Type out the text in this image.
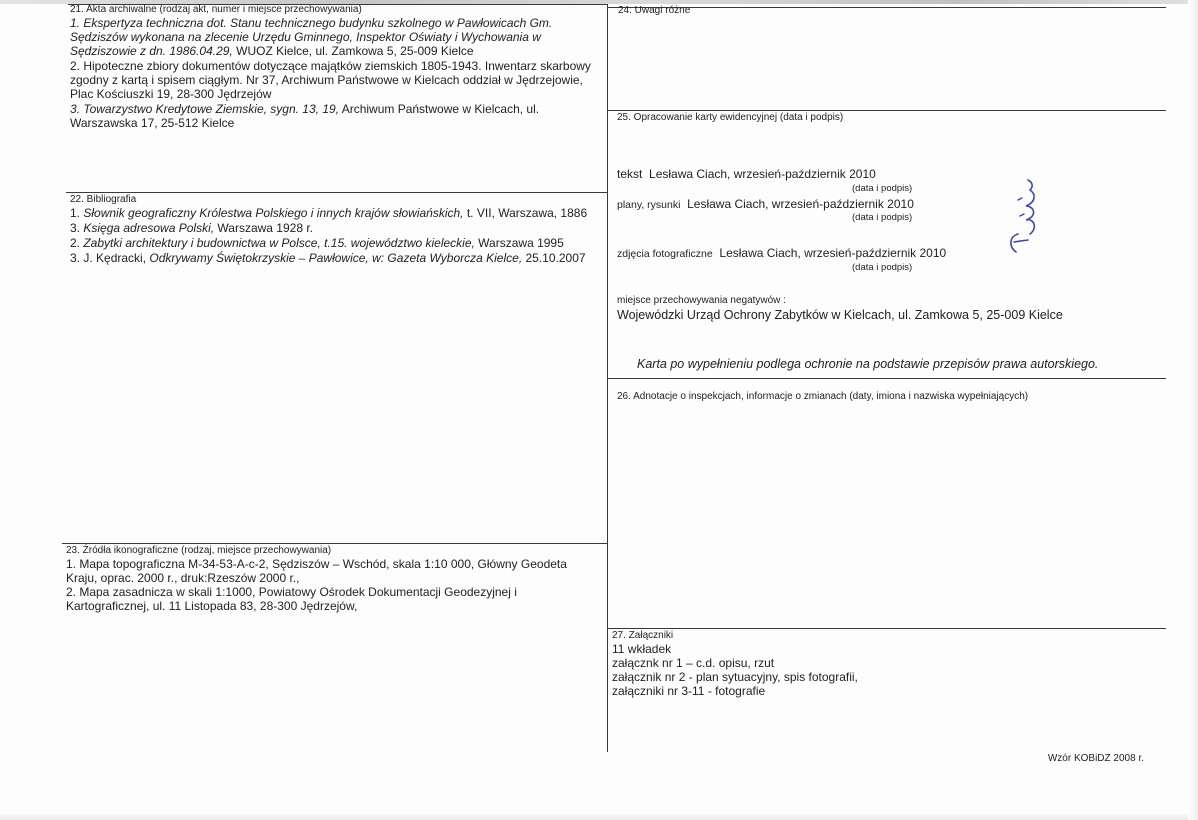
21. Akta archiwalne (rodzaj akt, numer i miejsce przechowywania)
1. Ekspertyza techniczna dot. Stanu technicznego budynku szkolnego w Pawłowicach Gm. Sędziszów wykonana na zlecenie Urzędu Gminnego, Inspektor Oświaty i Wychowania w Sędziszowie z dn. 1986.04.29, WUOZ Kielce, ul. Zamkowa 5, 25-009 Kielce
2. Hipoteczne zbiory dokumentów dotyczące majątków ziemskich 1805-1943. Inwentarz skarbowy zgodny z kartą i spisem ciągłym. Nr 37, Archiwum Państwowe w Kielcach oddział w Jędrzejowie, Plac Kościuszki 19, 28-300 Jędrzejów
3. Towarzystwo Kredytowe Ziemskie, sygn. 13, 19, Archiwum Państwowe w Kielcach, ul. Warszawska 17, 25-512 Kielce
22. Bibliografia
1. Słownik geograficzny Królestwa Polskiego i innych krajów słowiańskich, t. VII, Warszawa, 1886
3. Księga adresowa Polski, Warszawa 1928 r.
2. Zabytki architektury i budownictwa w Polsce, t.15. województwo kieleckie, Warszawa 1995
3. J. Kędracki, Odkrywamy Świętokrzyskie – Pawłowice, w: Gazeta Wyborcza Kielce, 25.10.2007
23. Źródła ikonograficzne (rodzaj, miejsce przechowywania)
1. Mapa topograficzna M-34-53-A-c-2, Sędziszów – Wschód, skala 1:10 000, Główny Geodeta Kraju, oprac. 2000 r., druk:Rzeszów 2000 r.,
2. Mapa zasadnicza w skali 1:1000, Powiatowy Ośrodek Dokumentacji Geodezyjnej i Kartograficznej, ul. 11 Listopada 83, 28-300 Jędrzejów,
24. Uwagi różne
25. Opracowanie karty ewidencyjnej (data i podpis)
tekst Lesława Ciach, wrzesień-październik 2010
(data i podpis)
plany, rysunki Lesława Ciach, wrzesień-październik 2010
(data i podpis)
zdjęcia fotograficzne Lesława Ciach, wrzesień-październik 2010
(data i podpis)
miejsce przechowywania negatywów :
Wojewódzki Urząd Ochrony Zabytków w Kielcach, ul. Zamkowa 5, 25-009 Kielce
Karta po wypełnieniu podlega ochronie na podstawie przepisów prawa autorskiego.
26. Adnotacje o inspekcjach, informacje o zmianach (daty, imiona i nazwiska wypełniających)
27. Załączniki
11 wkładek
załącznk nr 1 – c.d. opisu, rzut
załącznik nr 2 - plan sytuacyjny, spis fotografii,
załączniki nr 3-11 - fotografie
Wzór KOBiDZ 2008 r.
